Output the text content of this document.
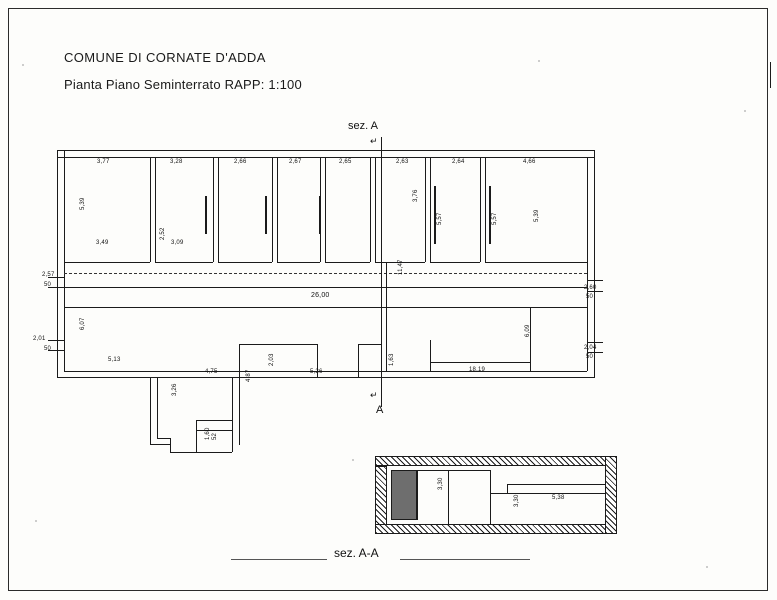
COMUNE DI CORNATE D'ADDA
Pianta Piano Seminterrato RAPP: 1:100
sez. A
↵
↵
A
3,77	3,28	2,66	2,67	2,65	2,63	2,64	4,66
3,49	3,09
5,39
6,07
2,57
50
2,01
50
2,60
50
2,04
50
2,52
3,76
5,57	5,57	5,39
11,47
6,09
26,00
5,13
4,75	4,87
2,03
5,26
1,63
18,19
3,26
1,60 52
3,30
3,30	5,38
sez. A-A
